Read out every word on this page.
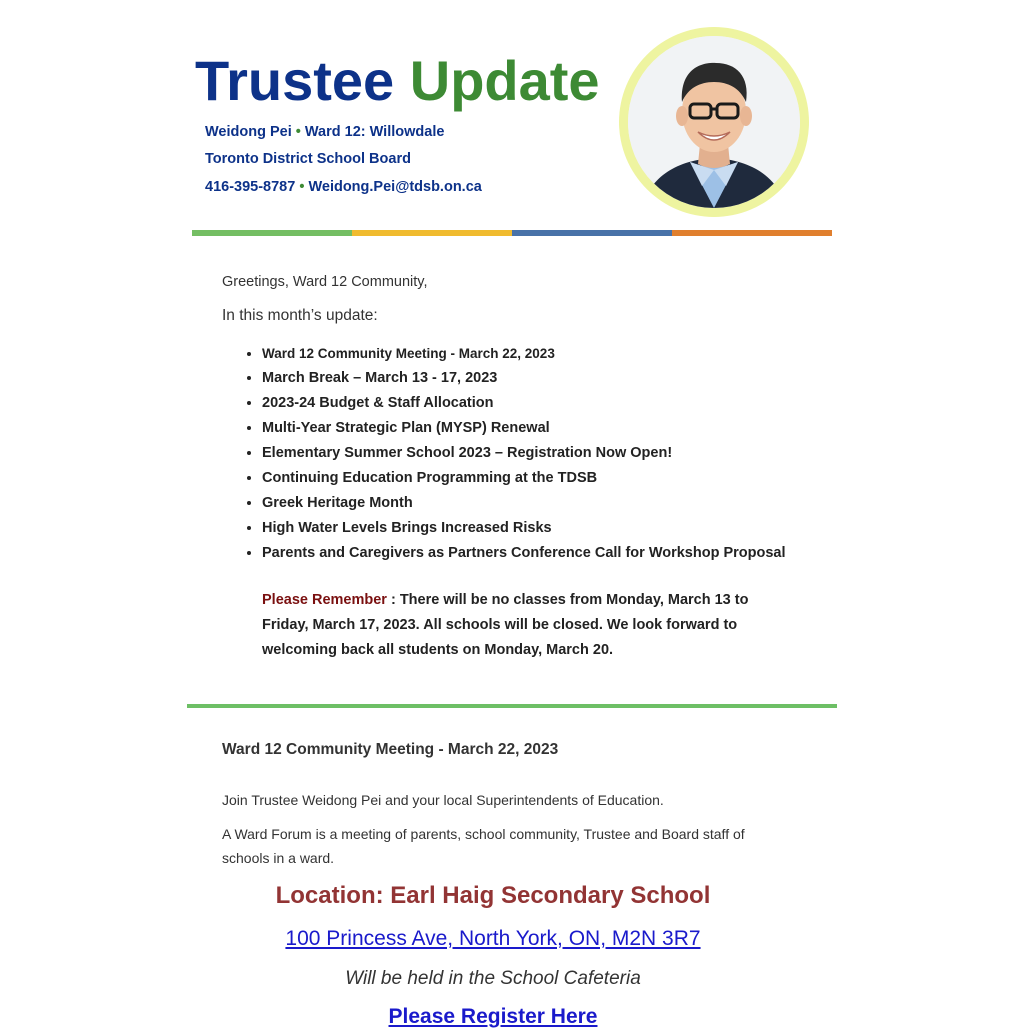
Trustee Update
Weidong Pei • Ward 12: Willowdale
Toronto District School Board
416-395-8787 • Weidong.Pei@tdsb.on.ca
Greetings, Ward 12 Community,
In this month’s update:
• Ward 12 Community Meeting - March 22, 2023
• March Break – March 13 - 17, 2023
• 2023-24 Budget & Staff Allocation
• Multi-Year Strategic Plan (MYSP) Renewal
• Elementary Summer School 2023 – Registration Now Open!
• Continuing Education Programming at the TDSB
• Greek Heritage Month
• High Water Levels Brings Increased Risks
• Parents and Caregivers as Partners Conference Call for Workshop Proposal
Please Remember : There will be no classes from Monday, March 13 to Friday, March 17, 2023. All schools will be closed. We look forward to welcoming back all students on Monday, March 20.
Ward 12 Community Meeting - March 22, 2023
Join Trustee Weidong Pei and your local Superintendents of Education.
A Ward Forum is a meeting of parents, school community, Trustee and Board staff of schools in a ward.
Location: Earl Haig Secondary School
100 Princess Ave, North York, ON, M2N 3R7
Will be held in the School Cafeteria
Please Register Here
